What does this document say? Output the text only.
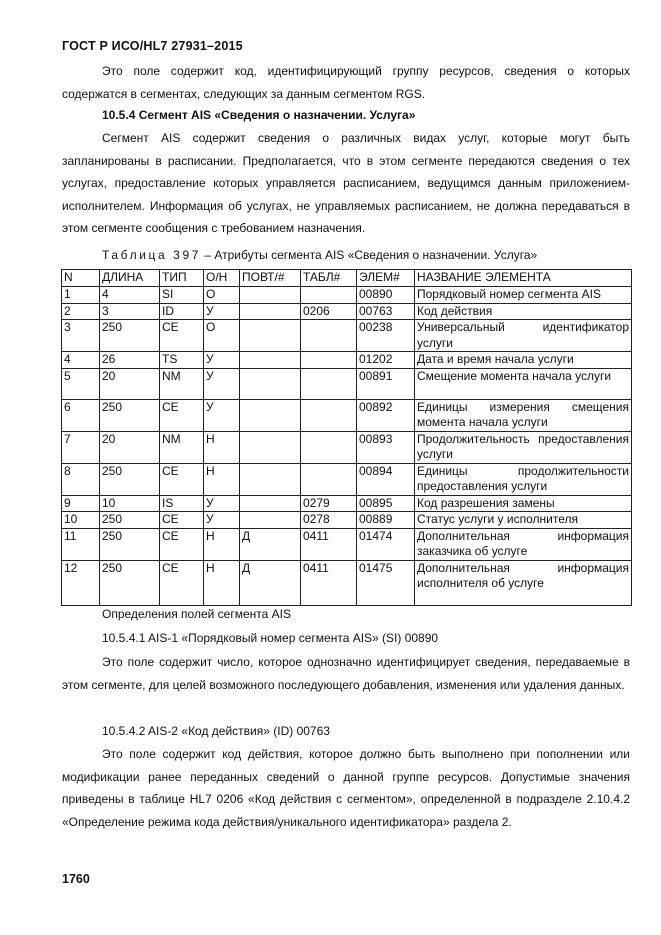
ГОСТ Р ИСО/HL7 27931–2015

Это поле содержит код, идентифицирующий группу ресурсов, сведения о которых содержатся в сегментах, следующих за данным сегментом RGS.

10.5.4 Сегмент AIS «Сведения о назначении. Услуга»

Сегмент AIS содержит сведения о различных видах услуг, которые могут быть запланированы в расписании. Предполагается, что в этом сегменте передаются сведения о тех услугах, предоставление которых управляется расписанием, ведущимся данным приложением-исполнителем. Информация об услугах, не управляемых расписанием, не должна передаваться в этом сегменте сообщения с требованием назначения.

Таблица 397 – Атрибуты сегмента AIS «Сведения о назначении. Услуга»
N	ДЛИНА	ТИП	О/Н	ПОВТ/#	ТАБЛ#	ЭЛЕМ#	НАЗВАНИЕ ЭЛЕМЕНТА
1	4	SI	О			00890	Порядковый номер сегмента AIS
2	3	ID	У		0206	00763	Код действия
3	250	CE	О			00238	Универсальный идентификатор услуги
4	26	TS	У			01202	Дата и время начала услуги
5	20	NM	У			00891	Смещение момента начала услуги
6	250	CE	У			00892	Единицы измерения смещения момента начала услуги
7	20	NM	Н			00893	Продолжительность предоставления услуги
8	250	CE	Н			00894	Единицы продолжительности предоставления услуги
9	10	IS	У		0279	00895	Код разрешения замены
10	250	CE	У		0278	00889	Статус услуги у исполнителя
11	250	CE	Н	Д	0411	01474	Дополнительная информация заказчика об услуге
12	250	CE	Н	Д	0411	01475	Дополнительная информация исполнителя об услуге

Определения полей сегмента AIS

10.5.4.1 AIS-1 «Порядковый номер сегмента AIS» (SI) 00890

Это поле содержит число, которое однозначно идентифицирует сведения, передаваемые в этом сегменте, для целей возможного последующего добавления, изменения или удаления данных.

10.5.4.2 AIS-2 «Код действия» (ID) 00763

Это поле содержит код действия, которое должно быть выполнено при пополнении или модификации ранее переданных сведений о данной группе ресурсов. Допустимые значения приведены в таблице HL7 0206 «Код действия с сегментом», определенной в подразделе 2.10.4.2 «Определение режима кода действия/уникального идентификатора» раздела 2.

1760
